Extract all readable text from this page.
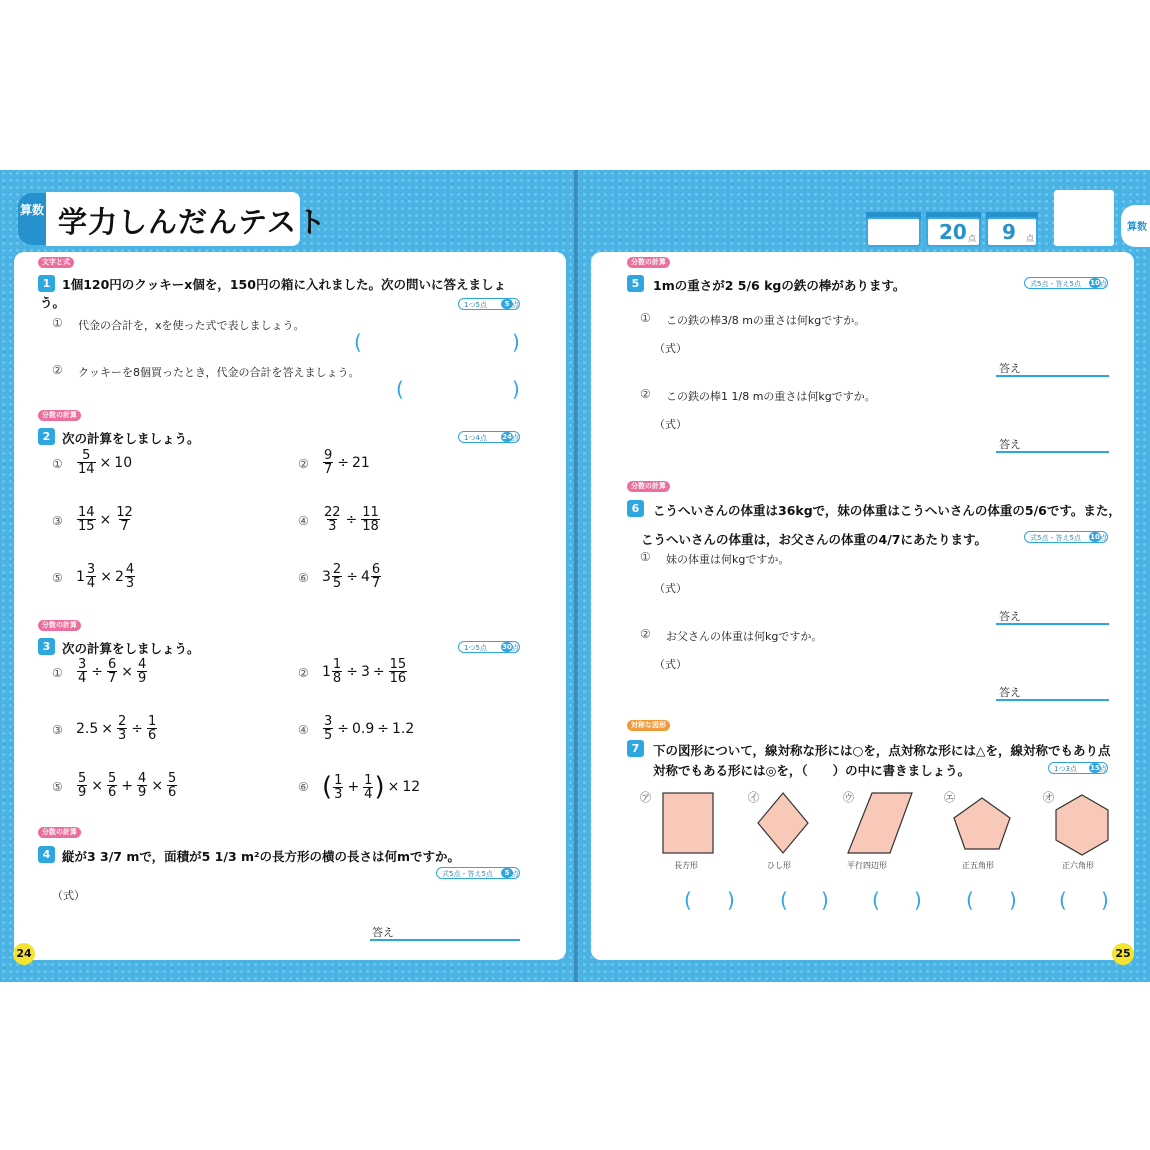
算数 学力しんだんテスト	20 点 9 点
算数
文字と式
1 1個120円のクッキーx個を，150円の箱に入れました。次の問いに答えましょ
う。	1つ5点	5 点
① 代金の合計を，xを使った式で表しましょう。
(	)
② クッキーを8個買ったとき，代金の合計を答えましょう。
(	)
分数の計算
2 次の計算をしましょう。	1つ4点 24 点
① $\frac{5}{14} \times 10$	② $\frac{9}{7} \div 21$
③ $\frac{14}{15} \times \frac{12}{7}$	④ $\frac{22}{3} \div \frac{11}{18}$
⑤ $1 \frac{3}{4} \times 2 \frac{4}{3}$	⑥ $3 \frac{2}{5} \div 4 \frac{6}{7}$
分数の計算
3 次の計算をしましょう。	1つ5点 30 点
① $\frac{3}{4} \div \frac{6}{7} \times \frac{4}{9}$	② $1 \frac{1}{8} \div 3 \div \frac{15}{16}$
③ $2.5 \times \frac{2}{3} \div \frac{1}{6}$	④ $\frac{3}{5} \div 0.9 \div 1.2$
⑤ $\frac{5}{9} \times \frac{5}{6} + \frac{4}{9} \times \frac{5}{6}$	⑥ ( $\frac{1}{3} + \frac{1}{4}$ ) × 12
分数の計算
4 縦が3 3/7 mで，面積が5 1/3 m²の長方形の横の長さは何mですか。
式5点・答え5点	5 点
（式）
答え
24
分数の計算
5	1mの重さが2 5/6 kgの鉄の棒があります。	式5点・答え5点 10 点
① この鉄の棒3/8 mの重さは何kgですか。
（式）
答え
② この鉄の棒1 1/8 mの重さは何kgですか。
（式）
答え
分数の計算
6	こうへいさんの体重は36kgで，妹の体重はこうへいさんの体重の5/6です。また，
こうへいさんの体重は，お父さんの体重の4/7にあたります。	式5点・答え5点 10 点
① 妹の体重は何kgですか。
（式）
答え
② お父さんの体重は何kgですか。
（式）
答え
対称な図形
7	下の図形について，線対称な形には○を，点対称な形には△を，線対称でもあり点
対称でもある形には◎を，（　　）の中に書きましょう。	1つ3点 15 点
㋐	㋑	㋒	㋓	㋔
長方形	ひし形	平行四辺形	正五角形	正六角形
( ) ( ) ( ) ( ) ( )
25
